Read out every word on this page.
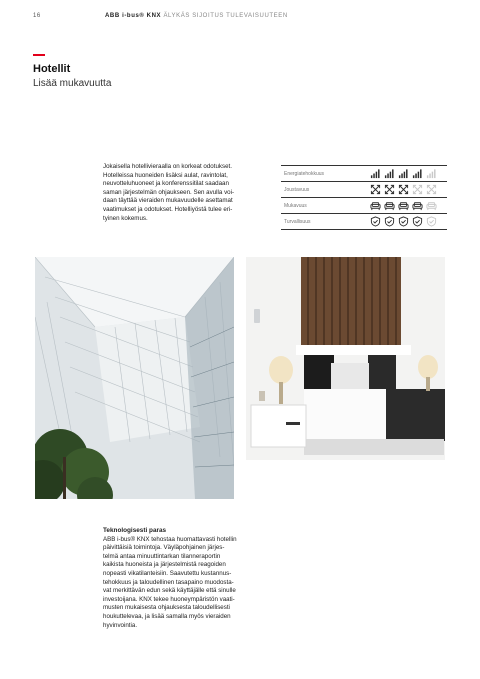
16	ABB i-bus® KNX ÄLYKÄS SIJOITUS TULEVAISUUTEEN
Hotellit
Lisää mukavuutta

Jokaisella hotellivieraalla on korkeat odotukset.
Hotelleissa huoneiden lisäksi aulat, ravintolat,
neuvotteluhuoneet ja konferenssitilat saadaan
saman järjestelmän ohjaukseen. Sen avulla voi-
daan täyttää vieraiden mukavuudelle asettamat
vaatimukset ja odotukset. Hotelliyöstä tulee eri-
tyinen kokemus.

Energiatehokkuus
Joustavuus
Mukavuus
Turvallisuus
Teknologisesti paras

ABB i-bus® KNX tehostaa huomattavasti hotellin
päivittäisiä toimintoja. Väyläpohjainen järjes-
telmä antaa minuuttintarkan tilanneraportin
kaikista huoneista ja järjestelmistä reagoiden
nopeasti vikatilanteisiin. Saavutettu kustannus-
tehokkuus ja taloudellinen tasapaino muodosta-
vat merkittävän edun sekä käyttäjälle että sinulle
investoijana. KNX tekee huoneympäristön vaati-
musten mukaisesta ohjauksesta taloudellisesti
houkuttelevaa, ja lisää samalla myös vieraiden
hyvinvointia.
